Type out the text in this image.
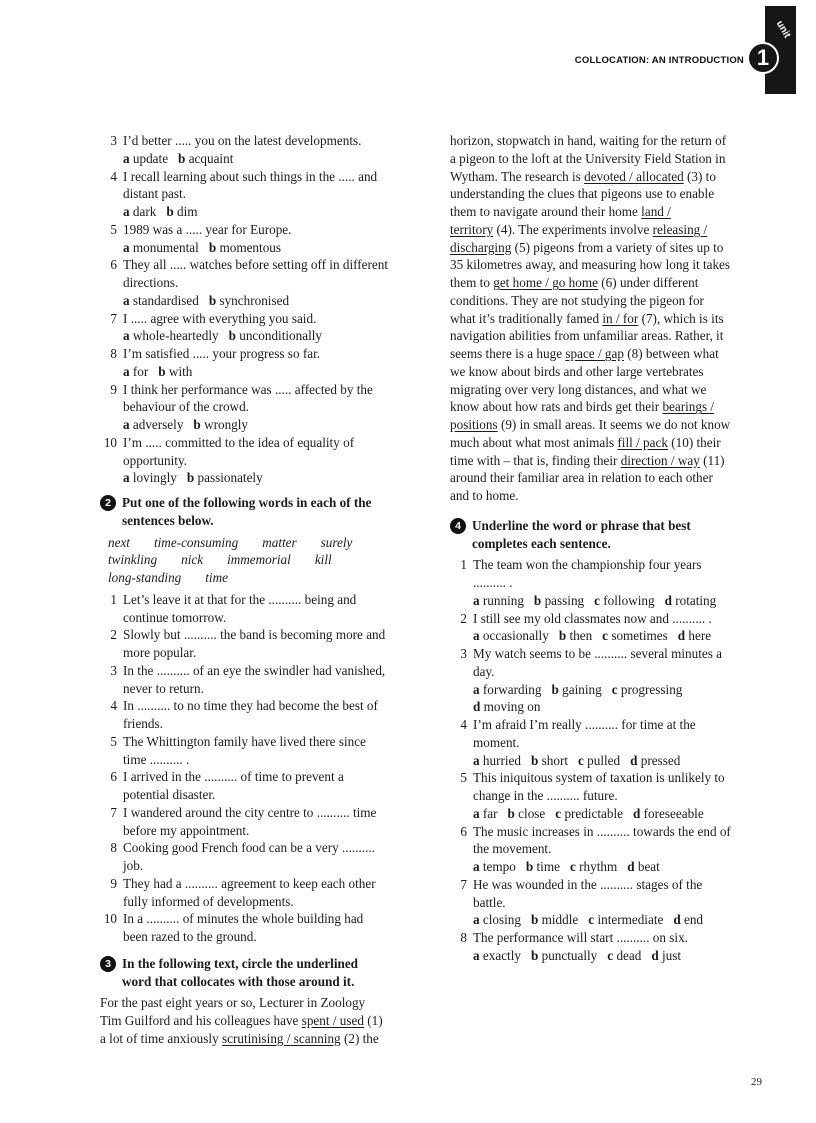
COLLOCATION: AN INTRODUCTION
unit
1
3 I’d better ..... you on the latest developments.
a update b acquaint
4 I recall learning about such things in the ..... and
distant past.
a dark b dim
5 1989 was a ..... year for Europe.
a monumental b momentous
6 They all ..... watches before setting off in different
directions.
a standardised b synchronised
7 I ..... agree with everything you said.
a whole-heartedly b unconditionally
8 I’m satisfied ..... your progress so far.
a for b with
9 I think her performance was ..... affected by the
behaviour of the crowd.
a adversely b wrongly
10 I’m ..... committed to the idea of equality of
opportunity.
a lovingly b passionately
2 Put one of the following words in each of the
sentences below.
next time-consuming matter surely
twinkling nick immemorial kill
long-standing time
1 Let’s leave it at that for the .......... being and
continue tomorrow.
2 Slowly but .......... the band is becoming more and
more popular.
3 In the .......... of an eye the swindler had vanished,
never to return.
4 In .......... to no time they had become the best of
friends.
5 The Whittington family have lived there since
time .......... .
6 I arrived in the .......... of time to prevent a
potential disaster.
7 I wandered around the city centre to .......... time
before my appointment.
8 Cooking good French food can be a very ..........
job.
9 They had a .......... agreement to keep each other
fully informed of developments.
10 In a .......... of minutes the whole building had
been razed to the ground.
3 In the following text, circle the underlined
word that collocates with those around it.
For the past eight years or so, Lecturer in Zoology
Tim Guilford and his colleagues have spent / used (1)
a lot of time anxiously scrutinising / scanning (2) the
horizon, stopwatch in hand, waiting for the return of
a pigeon to the loft at the University Field Station in
Wytham. The research is devoted / allocated (3) to
understanding the clues that pigeons use to enable
them to navigate around their home land /
territory (4). The experiments involve releasing /
discharging (5) pigeons from a variety of sites up to
35 kilometres away, and measuring how long it takes
them to get home / go home (6) under different
conditions. They are not studying the pigeon for
what it’s traditionally famed in / for (7), which is its
navigation abilities from unfamiliar areas. Rather, it
seems there is a huge space / gap (8) between what
we know about birds and other large vertebrates
migrating over very long distances, and what we
know about how rats and birds get their bearings /
positions (9) in small areas. It seems we do not know
much about what most animals fill / pack (10) their
time with – that is, finding their direction / way (11)
around their familiar area in relation to each other
and to home.
4 Underline the word or phrase that best
completes each sentence.
1 The team won the championship four years
.......... .
a running b passing c following d rotating
2 I still see my old classmates now and .......... .
a occasionally b then c sometimes d here
3 My watch seems to be .......... several minutes a
day.
a forwarding b gaining c progressing
d moving on
4 I’m afraid I’m really .......... for time at the
moment.
a hurried b short c pulled d pressed
5 This iniquitous system of taxation is unlikely to
change in the .......... future.
a far b close c predictable d foreseeable
6 The music increases in .......... towards the end of
the movement.
a tempo b time c rhythm d beat
7 He was wounded in the .......... stages of the
battle.
a closing b middle c intermediate d end
8 The performance will start .......... on six.
a exactly b punctually c dead d just
29
